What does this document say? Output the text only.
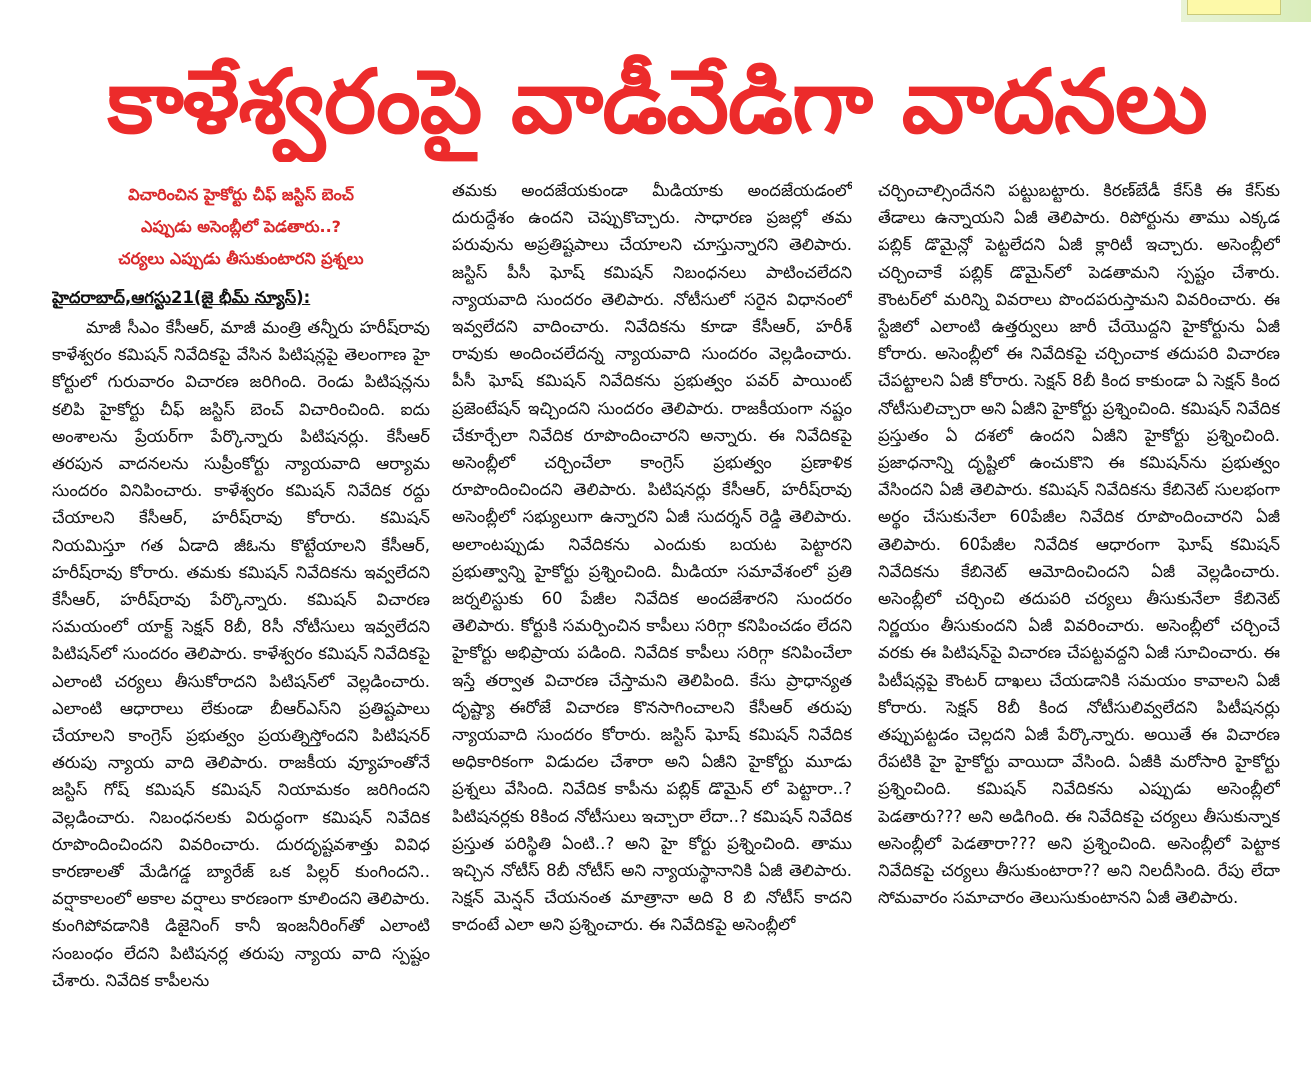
కాళేశ్వరంపై వాడీవేడిగా వాదనలు

విచారించిన హైకోర్టు చీఫ్ జస్టిస్ బెంచ్

ఎప్పుడు అసెంబ్లీలో పెడతారు..?

చర్యలు ఎప్పుడు తీసుకుంటారని ప్రశ్నలు

హైదరాబాద్,ఆగస్టు21(జై భీమ్ న్యూస్):

మాజీ సీఎం కేసీఆర్, మాజీ మంత్రి తన్నీరు హరీష్‌రావు కాళేశ్వరం కమిషన్ నివేదికపై వేసిన పిటిషన్లపై తెలంగాణ హై కోర్టులో గురువారం విచారణ జరిగింది. రెండు పిటిషన్లను కలిపి హైకోర్టు చీఫ్ జస్టిస్ బెంచ్ విచారించింది. ఐదు అంశాలను ప్రేయర్‌గా పేర్కొన్నారు పిటిషనర్లు. కేసీఆర్ తరపున వాదనలను సుప్రీంకోర్టు న్యాయవాది ఆర్యామ సుందరం వినిపించారు. కాళేశ్వరం కమిషన్ నివేదిక రద్దు చేయాలని కేసీఆర్, హరీష్‌రావు కోరారు. కమిషన్ నియమిస్తూ గత ఏడాది జీఓను కొట్టేయాలని కేసీఆర్, హరీష్‌రావు కోరారు. తమకు కమిషన్ నివేదికను ఇవ్వలేదని కేసీఆర్, హరీష్‌రావు పేర్కొన్నారు. కమిషన్ విచారణ సమయంలో యాక్ట్ సెక్షన్ 8బీ, 8సీ నోటీసులు ఇవ్వలేదని పిటిషన్‌లో సుందరం తెలిపారు. కాళేశ్వరం కమిషన్ నివేదికపై ఎలాంటి చర్యలు తీసుకోరాదని పిటిషన్‌లో వెల్లడించారు. ఎలాంటి ఆధారాలు లేకుండా బీఆర్ఎస్‌ని ప్రతిష్టపాలు చేయాలని కాంగ్రెస్ ప్రభుత్వం ప్రయత్నిస్తోందని పిటిషనర్ తరుపు న్యాయ వాది తెలిపారు. రాజకీయ వ్యూహంతోనే జస్టిస్ గోష్ కమిషన్ కమిషన్ నియామకం జరిగిందని వెల్లడించారు. నిబంధనలకు విరుద్ధంగా కమిషన్ నివేదిక రూపొందించిందని వివరించారు. దురదృష్టవశాత్తు వివిధ కారణాలతో మేడిగడ్డ బ్యారేజ్ ఒక పిల్లర్ కుంగిందని.. వర్షాకాలంలో అకాల వర్షాలు కారణంగా కూలిందని తెలిపారు. కుంగిపోవడానికి డిజైనింగ్ కానీ ఇంజనీరింగ్‌తో ఎలాంటి సంబంధం లేదని పిటిషనర్ల తరుపు న్యాయ వాది స్పష్టం చేశారు. నివేదిక కాపీలను

తమకు అందజేయకుండా మీడియాకు అందజేయడంలో దురుద్దేశం ఉందని చెప్పుకొచ్చారు. సాధారణ ప్రజల్లో తమ పరువును అప్రతిష్టపాలు చేయాలని చూస్తున్నారని తెలిపారు. జస్టిస్ పీసీ ఘోష్ కమిషన్ నిబంధనలు పాటించలేదని న్యాయవాది సుందరం తెలిపారు. నోటీసులో సరైన విధానంలో ఇవ్వలేదని వాదించారు. నివేదికను కూడా కేసీఆర్, హరీశ్ రావుకు అందించలేదన్న న్యాయవాది సుందరం వెల్లడించారు. పీసీ ఘోష్ కమిషన్ నివేదికను ప్రభుత్వం పవర్ పాయింట్ ప్రజెంటేషన్ ఇచ్చిందని సుందరం తెలిపారు. రాజకీయంగా నష్టం చేకూర్చేలా నివేదిక రూపొందించారని అన్నారు. ఈ నివేదికపై అసెంబ్లీలో చర్చించేలా కాంగ్రెస్ ప్రభుత్వం ప్రణాళిక రూపొందించిందని తెలిపారు. పిటిషనర్లు కేసీఆర్, హరీష్‌రావు అసెంబ్లీలో సభ్యులుగా ఉన్నారని ఏజీ సుదర్శన్ రెడ్డి తెలిపారు. అలాంటప్పుడు నివేదికను ఎందుకు బయట పెట్టారని ప్రభుత్వాన్ని హైకోర్టు ప్రశ్నించింది. మీడియా సమావేశంలో ప్రతి జర్నలిస్టుకు 60 పేజీల నివేదిక అందజేశారని సుందరం తెలిపారు. కోర్టుకి సమర్పించిన కాపీలు సరిగ్గా కనిపించడం లేదని హైకోర్టు అభిప్రాయ పడింది. నివేదిక కాపీలు సరిగ్గా కనిపించేలా ఇస్తే తర్వాత విచారణ చేస్తామని తెలిపింది. కేసు ప్రాధాన్యత దృష్ట్యా ఈరోజే విచారణ కొనసాగించాలని కేసీఆర్ తరుపు న్యాయవాది సుందరం కోరారు. జస్టిస్ ఘోష్ కమిషన్ నివేదిక అధికారికంగా విడుదల చేశారా అని ఏజీని హైకోర్టు మూడు ప్రశ్నలు వేసింది. నివేదిక కాపీను పబ్లిక్ డొమైన్ లో పెట్టారా..? పిటిషనర్లకు 8కింద నోటీసులు ఇచ్చారా లేదా..? కమిషన్ నివేదిక ప్రస్తుత పరిస్థితి ఏంటి..? అని హై కోర్టు ప్రశ్నించింది. తాము ఇచ్చిన నోటీస్ 8బీ నోటీస్ అని న్యాయస్థానానికి ఏజీ తెలిపారు. సెక్షన్ మెన్షన్ చేయనంత మాత్రానా అది 8 బి నోటీస్ కాదని కాదంటే ఎలా అని ప్రశ్నించారు. ఈ నివేదికపై అసెంబ్లీలో

చర్చించాల్సిందేనని పట్టుబట్టారు. కిరణ్‌బేడీ కేస్‌కి ఈ కేస్‌కు తేడాలు ఉన్నాయని ఏజీ తెలిపారు. రిపోర్టును తాము ఎక్కడ పబ్లిక్ డొమైన్లో పెట్టలేదని ఏజీ క్లారిటీ ఇచ్చారు. అసెంబ్లీలో చర్చించాకే పబ్లిక్ డొమైన్‌లో పెడతామని స్పష్టం చేశారు. కౌంటర్‌లో మరిన్ని వివరాలు పొందపరుస్తామని వివరించారు. ఈ స్టేజిలో ఎలాంటి ఉత్తర్వులు జారీ చేయొద్దని హైకోర్టును ఏజీ కోరారు. అసెంబ్లీలో ఈ నివేదికపై చర్చించాక తదుపరి విచారణ చేపట్టాలని ఏజీ కోరారు. సెక్షన్ 8బీ కింద కాకుండా ఏ సెక్షన్ కింద నోటీసులిచ్చారా అని ఏజీని హైకోర్టు ప్రశ్నించింది. కమిషన్ నివేదిక ప్రస్తుతం ఏ దశలో ఉందని ఏజీని హైకోర్టు ప్రశ్నించింది. ప్రజాధనాన్ని దృష్టిలో ఉంచుకొని ఈ కమిషన్‌ను ప్రభుత్వం వేసిందని ఏజీ తెలిపారు. కమిషన్ నివేదికను కేబినెట్ సులభంగా అర్థం చేసుకునేలా 60పేజీల నివేదిక రూపొందించారని ఏజీ తెలిపారు. 60పేజీల నివేదిక ఆధారంగా ఘోష్ కమిషన్ నివేదికను కేబినెట్ ఆమోదించిందని ఏజీ వెల్లడించారు. అసెంబ్లీలో చర్చించి తదుపరి చర్యలు తీసుకునేలా కేబినెట్ నిర్ణయం తీసుకుందని ఏజీ వివరించారు. అసెంబ్లీలో చర్చించే వరకు ఈ పిటిషన్‌పై విచారణ చేపట్టవద్దని ఏజీ సూచించారు. ఈ పిటీషన్లపై కౌంటర్ దాఖలు చేయడానికి సమయం కావాలని ఏజీ కోరారు. సెక్షన్ 8బీ కింద నోటీసులివ్వలేదని పిటీషనర్లు తప్పుపట్టడం చెల్లదని ఏజీ పేర్కొన్నారు. అయితే ఈ విచారణ రేపటికి హై హైకోర్టు వాయిదా వేసింది. ఏజీకి మరోసారి హైకోర్టు ప్రశ్నించింది. కమిషన్ నివేదికను ఎప్పుడు అసెంబ్లీలో పెడతారు??? అని అడిగింది. ఈ నివేదికపై చర్యలు తీసుకున్నాక అసెంబ్లీలో పెడతారా??? అని ప్రశ్నించింది. అసెంబ్లీలో పెట్టాక నివేదికపై చర్యలు తీసుకుంటారా?? అని నిలదీసింది. రేపు లేదా సోమవారం సమాచారం తెలుసుకుంటానని ఏజీ తెలిపారు.
